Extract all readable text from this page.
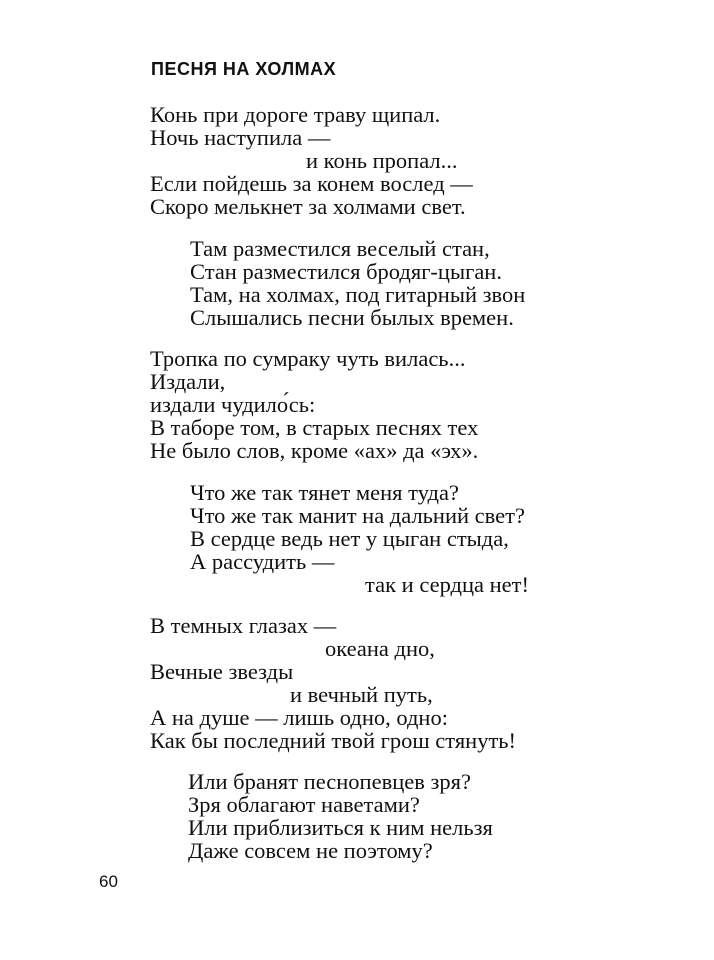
ПЕСНЯ НА ХОЛМАХ
Конь при дороге траву щипал.
Ночь наступила —
и конь пропал...
Если пойдешь за конем вослед —
Скоро мелькнет за холмами свет.
Там разместился веселый стан,
Стан разместился бродяг-цыган.
Там, на холмах, под гитарный звон
Слышались песни былых времен.
Тропка по сумраку чуть вилась...
Издали,
издали чудило́сь:
В таборе том, в старых песнях тех
Не было слов, кроме «ах» да «эх».
Что же так тянет меня туда?
Что же так манит на дальний свет?
В сердце ведь нет у цыган стыда,
А рассудить —
так и сердца нет!
В темных глазах —
океана дно,
Вечные звезды
и вечный путь,
А на душе — лишь одно, одно:
Как бы последний твой грош стянуть!
Или бранят песнопевцев зря?
Зря облагают наветами?
Или приблизиться к ним нельзя
Даже совсем не поэтому?
60
